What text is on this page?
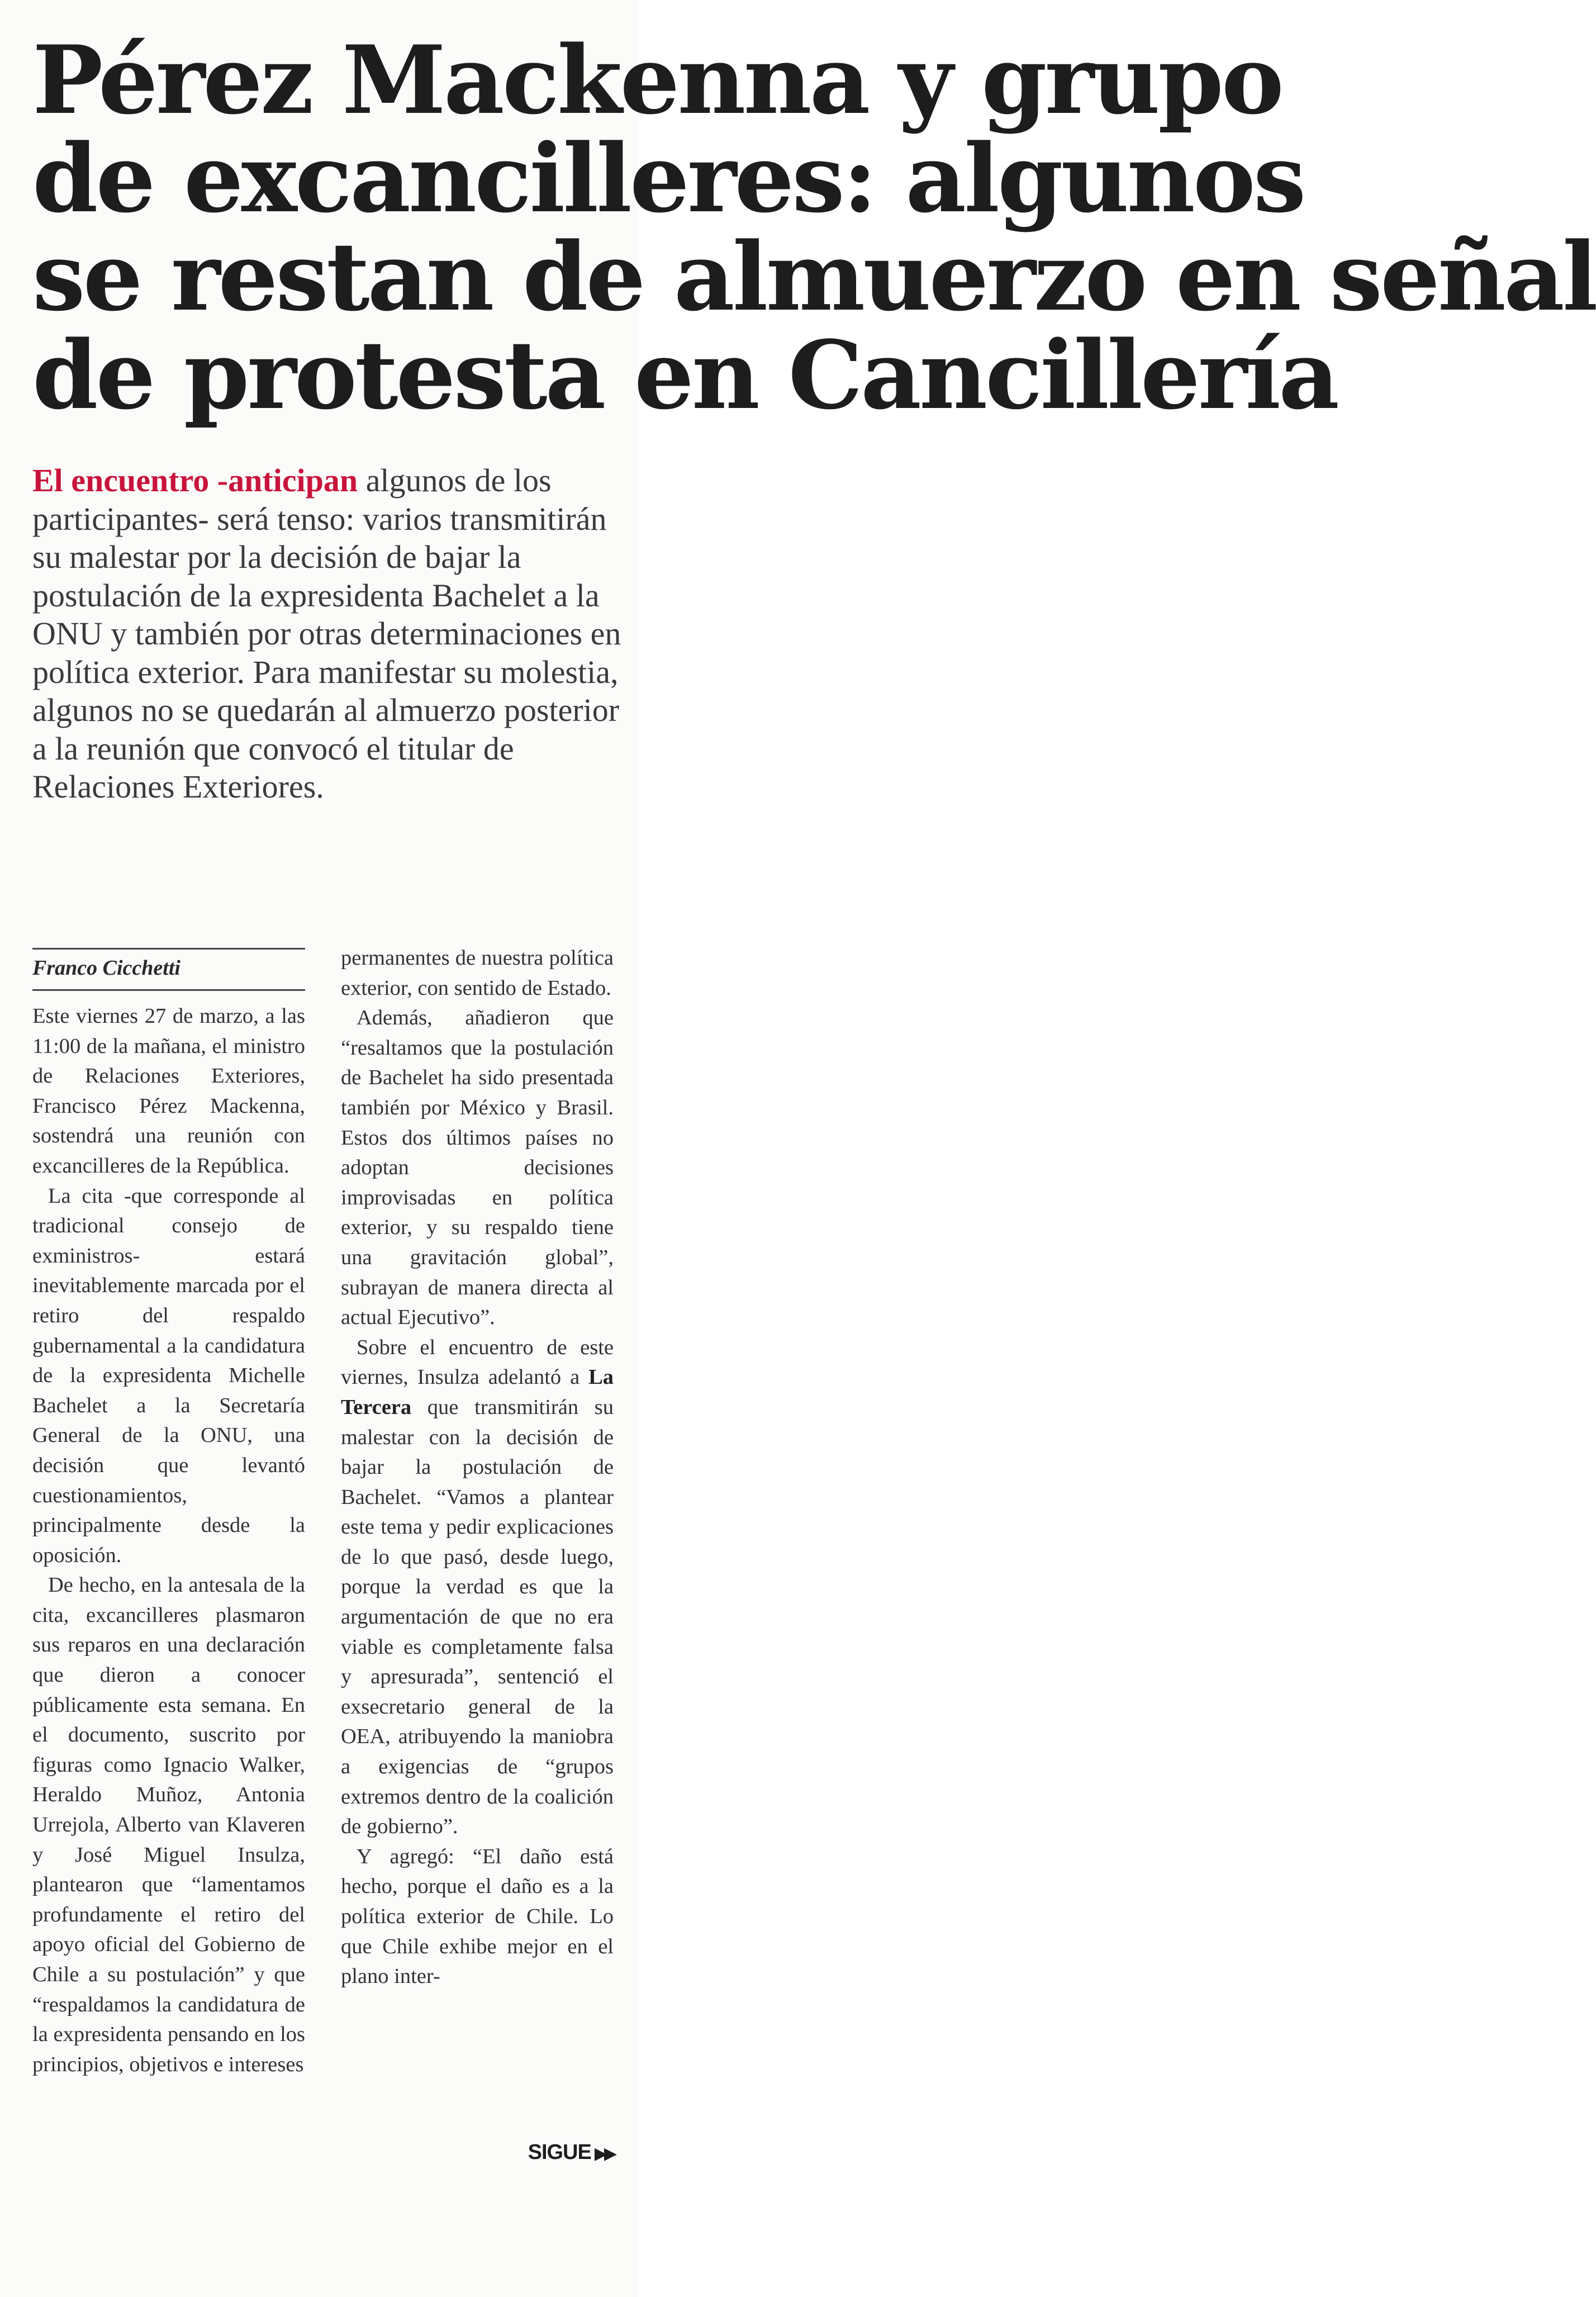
Pérez Mackenna y grupo
de excancilleres: algunos
se restan de almuerzo en señal
de protesta en Cancillería

El encuentro -anticipan algunos de los participantes- será tenso: varios transmitirán su malestar por la decisión de bajar la postulación de la expresidenta Bachelet a la ONU y también por otras determinaciones en política exterior. Para manifestar su molestia, algunos no se quedarán al almuerzo posterior a la reunión que convocó el titular de Relaciones Exteriores.

Franco Cicchetti

Este viernes 27 de marzo, a las 11:00 de la mañana, el ministro de Relaciones Exteriores, Francisco Pérez Mackenna, sostendrá una reunión con excancilleres de la República.

La cita -que corresponde al tradicional consejo de exministros- estará inevitablemente marcada por el retiro del respaldo gubernamental a la candidatura de la expresidenta Michelle Bachelet a la Secretaría General de la ONU, una decisión que levantó cuestionamientos, principalmente desde la oposición.

De hecho, en la antesala de la cita, excancilleres plasmaron sus reparos en una declaración que dieron a conocer públicamente esta semana. En el documento, suscrito por figuras como Ignacio Walker, Heraldo Muñoz, Antonia Urrejola, Alberto van Klaveren y José Miguel Insulza, plantearon que “lamentamos profundamente el retiro del apoyo oficial del Gobierno de Chile a su postulación” y que “respaldamos la candidatura de la expresidenta pensando en los principios, objetivos e intereses

permanentes de nuestra política exterior, con sentido de Estado.

Además, añadieron que “resaltamos que la postulación de Bachelet ha sido presentada también por México y Brasil. Estos dos últimos países no adoptan decisiones improvisadas en política exterior, y su respaldo tiene una gravitación global”, subrayan de manera directa al actual Ejecutivo”.

Sobre el encuentro de este viernes, Insulza adelantó a La Tercera que transmitirán su malestar con la decisión de bajar la postulación de Bachelet. “Vamos a plantear este tema y pedir explicaciones de lo que pasó, desde luego, porque la verdad es que la argumentación de que no era viable es completamente falsa y apresurada”, sentenció el exsecretario general de la OEA, atribuyendo la maniobra a exigencias de “grupos extremos dentro de la coalición de gobierno”.

Y agregó: “El daño está hecho, porque el daño es a la política exterior de Chile. Lo que Chile exhibe mejor en el plano inter-

SIGUE ▶▶
